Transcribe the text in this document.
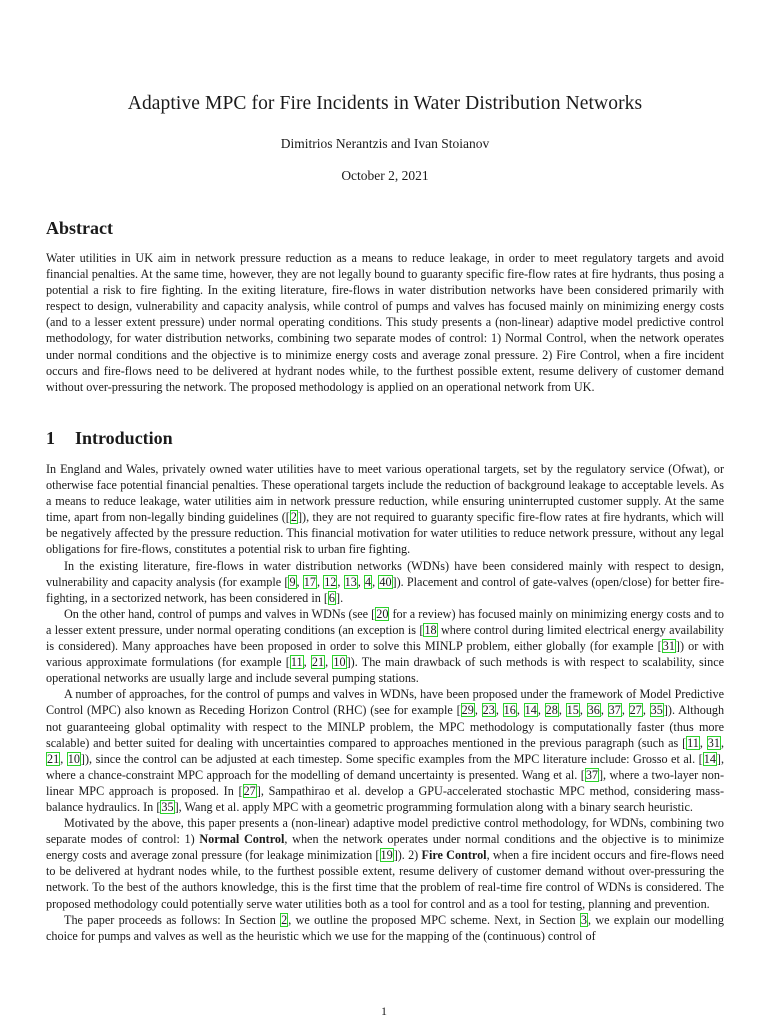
Adaptive MPC for Fire Incidents in Water Distribution Networks
Dimitrios Nerantzis and Ivan Stoianov
October 2, 2021
Abstract
Water utilities in UK aim in network pressure reduction as a means to reduce leakage, in order to meet regulatory targets and avoid financial penalties. At the same time, however, they are not legally bound to guaranty specific fire-flow rates at fire hydrants, thus posing a potential a risk to fire fighting. In the exiting literature, fire-flows in water distribution networks have been considered primarily with respect to design, vulnerability and capacity analysis, while control of pumps and valves has focused mainly on minimizing energy costs (and to a lesser extent pressure) under normal operating conditions. This study presents a (non-linear) adaptive model predictive control methodology, for water distribution networks, combining two separate modes of control: 1) Normal Control, when the network operates under normal conditions and the objective is to minimize energy costs and average zonal pressure. 2) Fire Control, when a fire incident occurs and fire-flows need to be delivered at hydrant nodes while, to the furthest possible extent, resume delivery of customer demand without over-pressuring the network. The proposed methodology is applied on an operational network from UK.
1 Introduction

In England and Wales, privately owned water utilities have to meet various operational targets, set by the regulatory service (Ofwat), or otherwise face potential financial penalties. These operational targets include the reduction of background leakage to acceptable levels. As a means to reduce leakage, water utilities aim in network pressure reduction, while ensuring uninterrupted customer supply. At the same time, apart from non-legally binding guidelines ([2]), they are not required to guaranty specific fire-flow rates at fire hydrants, which will be negatively affected by the pressure reduction. This financial motivation for water utilities to reduce network pressure, without any legal obligations for fire-flows, constitutes a potential risk to urban fire fighting.

In the existing literature, fire-flows in water distribution networks (WDNs) have been considered mainly with respect to design, vulnerability and capacity analysis (for example [9, 17, 12, 13, 4, 40]). Placement and control of gate-valves (open/close) for better fire-fighting, in a sectorized network, has been considered in [6].

On the other hand, control of pumps and valves in WDNs (see [20 for a review) has focused mainly on minimizing energy costs and to a lesser extent pressure, under normal operating conditions (an exception is [18 where control during limited electrical energy availability is considered). Many approaches have been proposed in order to solve this MINLP problem, either globally (for example [31]) or with various approximate formulations (for example [11, 21, 10]). The main drawback of such methods is with respect to scalability, since operational networks are usually large and include several pumping stations.

A number of approaches, for the control of pumps and valves in WDNs, have been proposed under the framework of Model Predictive Control (MPC) also known as Receding Horizon Control (RHC) (see for example [29, 23, 16, 14, 28, 15, 36, 37, 27, 35]). Although not guaranteeing global optimality with respect to the MINLP problem, the MPC methodology is computationally faster (thus more scalable) and better suited for dealing with uncertainties compared to approaches mentioned in the previous paragraph (such as [11, 31, 21, 10]), since the control can be adjusted at each timestep. Some specific examples from the MPC literature include: Grosso et al. [14], where a chance-constraint MPC approach for the modelling of demand uncertainty is presented. Wang et al. [37], where a two-layer non-linear MPC approach is proposed. In [27], Sampathirao et al. develop a GPU-accelerated stochastic MPC method, considering mass-balance hydraulics. In [35], Wang et al. apply MPC with a geometric programming formulation along with a binary search heuristic.

Motivated by the above, this paper presents a (non-linear) adaptive model predictive control methodology, for WDNs, combining two separate modes of control: 1) Normal Control, when the network operates under normal conditions and the objective is to minimize energy costs and average zonal pressure (for leakage minimization [19]). 2) Fire Control, when a fire incident occurs and fire-flows need to be delivered at hydrant nodes while, to the furthest possible extent, resume delivery of customer demand without over-pressuring the network. To the best of the authors knowledge, this is the first time that the problem of real-time fire control of WDNs is considered. The proposed methodology could potentially serve water utilities both as a tool for control and as a tool for testing, planning and prevention.

The paper proceeds as follows: In Section 2, we outline the proposed MPC scheme. Next, in Section 3, we explain our modelling choice for pumps and valves as well as the heuristic which we use for the mapping of the (continuous) control of

1
